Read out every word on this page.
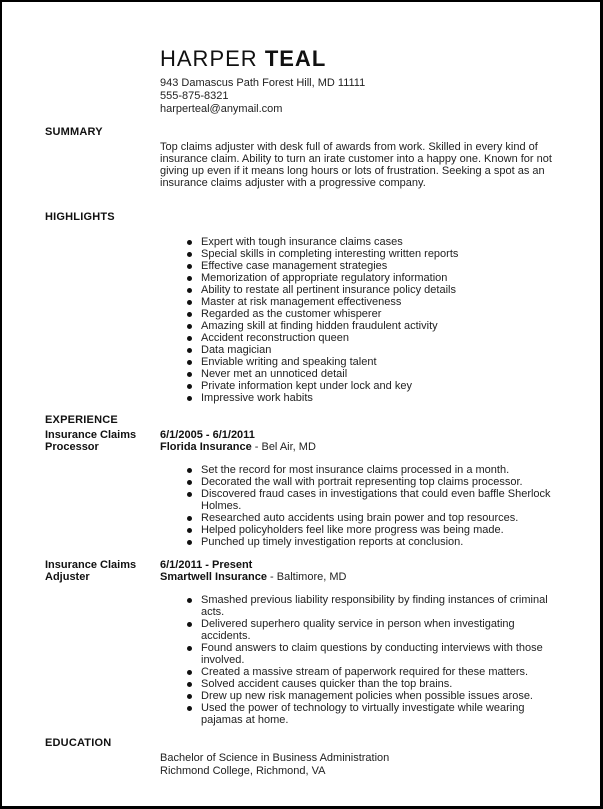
HARPER TEAL
943 Damascus Path Forest Hill, MD 11111
555-875-8321
harperteal@anymail.com
SUMMARY
Top claims adjuster with desk full of awards from work. Skilled in every kind of insurance claim. Ability to turn an irate customer into a happy one. Known for not giving up even if it means long hours or lots of frustration. Seeking a spot as an insurance claims adjuster with a progressive company.
HIGHLIGHTS
Expert with tough insurance claims cases
Special skills in completing interesting written reports
Effective case management strategies
Memorization of appropriate regulatory information
Ability to restate all pertinent insurance policy details
Master at risk management effectiveness
Regarded as the customer whisperer
Amazing skill at finding hidden fraudulent activity
Accident reconstruction queen
Data magician
Enviable writing and speaking talent
Never met an unnoticed detail
Private information kept under lock and key
Impressive work habits
EXPERIENCE
Insurance Claims Processor
6/1/2005 - 6/1/2011
Florida Insurance - Bel Air, MD
Set the record for most insurance claims processed in a month.
Decorated the wall with portrait representing top claims processor.
Discovered fraud cases in investigations that could even baffle Sherlock Holmes.
Researched auto accidents using brain power and top resources.
Helped policyholders feel like more progress was being made.
Punched up timely investigation reports at conclusion.
Insurance Claims Adjuster
6/1/2011 - Present
Smartwell Insurance - Baltimore, MD
Smashed previous liability responsibility by finding instances of criminal acts.
Delivered superhero quality service in person when investigating accidents.
Found answers to claim questions by conducting interviews with those involved.
Created a massive stream of paperwork required for these matters.
Solved accident causes quicker than the top brains.
Drew up new risk management policies when possible issues arose.
Used the power of technology to virtually investigate while wearing pajamas at home.
EDUCATION
Bachelor of Science in Business Administration
Richmond College, Richmond, VA
